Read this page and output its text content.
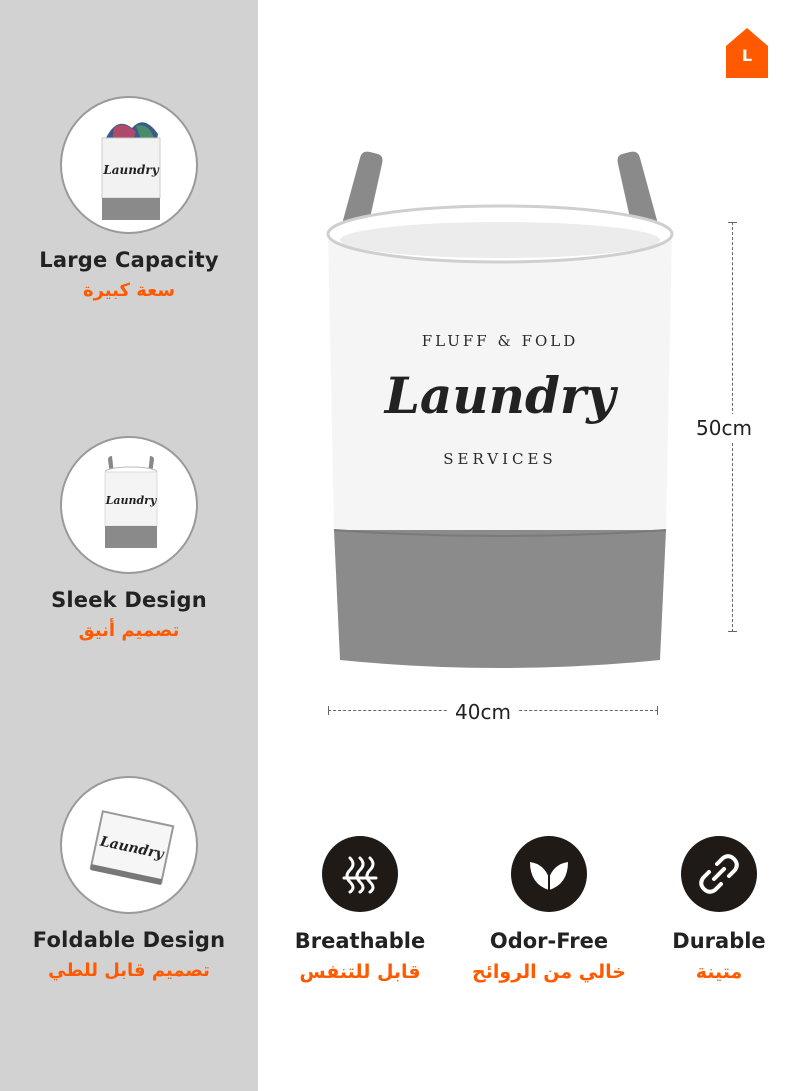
Laundry
Large Capacity
سعة كبيرة
Laundry
Sleek Design
تصميم أنيق
Laundry
Foldable Design
تصميم قابل للطي
L
FLUFF & FOLD
Laundry
SERVICES
50cm
40cm
Breathable
قابل للتنفس
Odor-Free
خالي من الروائح
Durable
متينة
